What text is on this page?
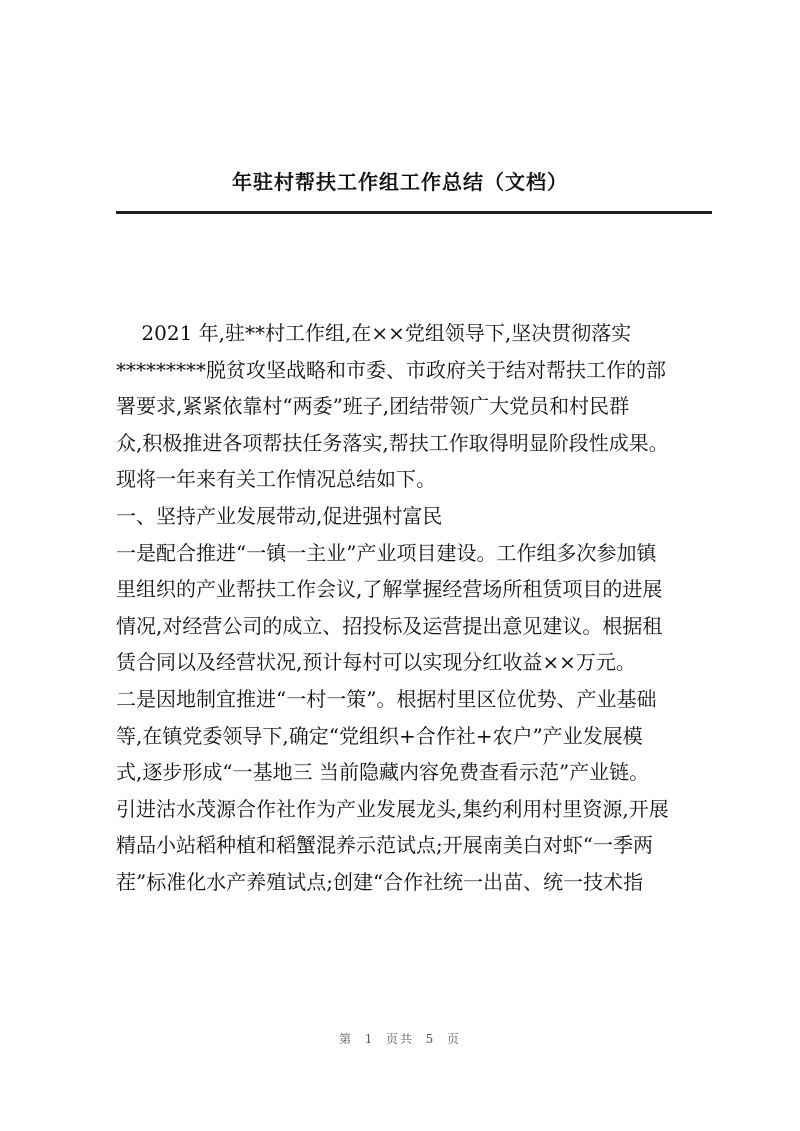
年驻村帮扶工作组工作总结（文档）
2021 年,驻**村工作组,在××党组领导下,坚决贯彻落实
*********脱贫攻坚战略和市委、市政府关于结对帮扶工作的部
署要求,紧紧依靠村“两委”班子,团结带领广大党员和村民群
众,积极推进各项帮扶任务落实,帮扶工作取得明显阶段性成果。
现将一年来有关工作情况总结如下。
一、坚持产业发展带动,促进强村富民
一是配合推进“一镇一主业”产业项目建设。工作组多次参加镇
里组织的产业帮扶工作会议,了解掌握经营场所租赁项目的进展
情况,对经营公司的成立、招投标及运营提出意见建议。根据租
赁合同以及经营状况,预计每村可以实现分红收益××万元。
二是因地制宜推进“一村一策”。根据村里区位优势、产业基础
等,在镇党委领导下,确定“党组织+合作社+农户”产业发展模
式,逐步形成“一基地三 当前隐藏内容免费查看示范”产业链。
引进沽水茂源合作社作为产业发展龙头,集约利用村里资源,开展
精品小站稻种植和稻蟹混养示范试点;开展南美白对虾“一季两
茬”标准化水产养殖试点;创建“合作社统一出苗、统一技术指
第  1  页共  5  页
